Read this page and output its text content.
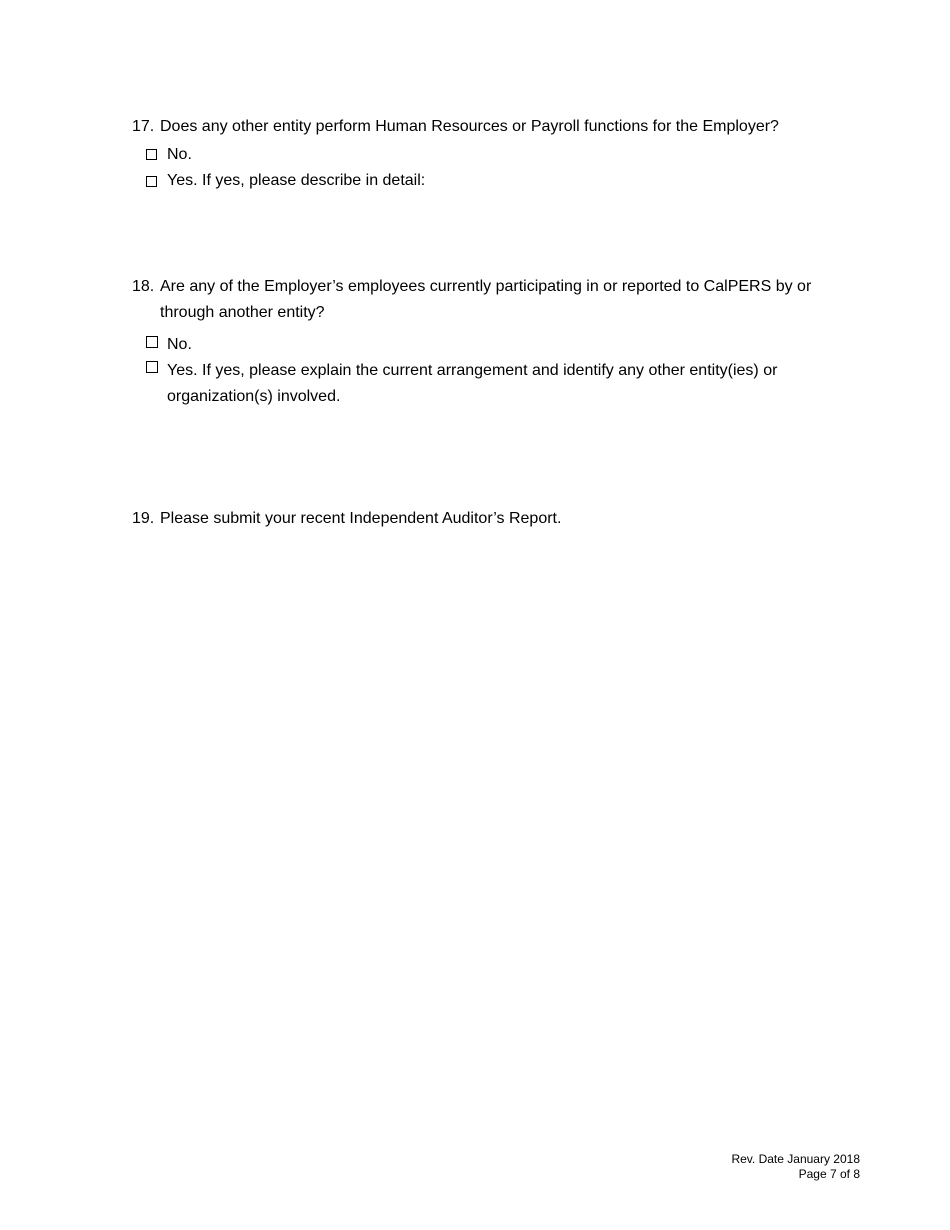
17. Does any other entity perform Human Resources or Payroll functions for the Employer?

No.
Yes. If yes, please describe in detail:

18. Are any of the Employer’s employees currently participating in or reported to CalPERS by or through another entity?

No.
Yes. If yes, please explain the current arrangement and identify any other entity(ies) or organization(s) involved.

19. Please submit your recent Independent Auditor’s Report.

Rev. Date January 2018
Page 7 of 8
